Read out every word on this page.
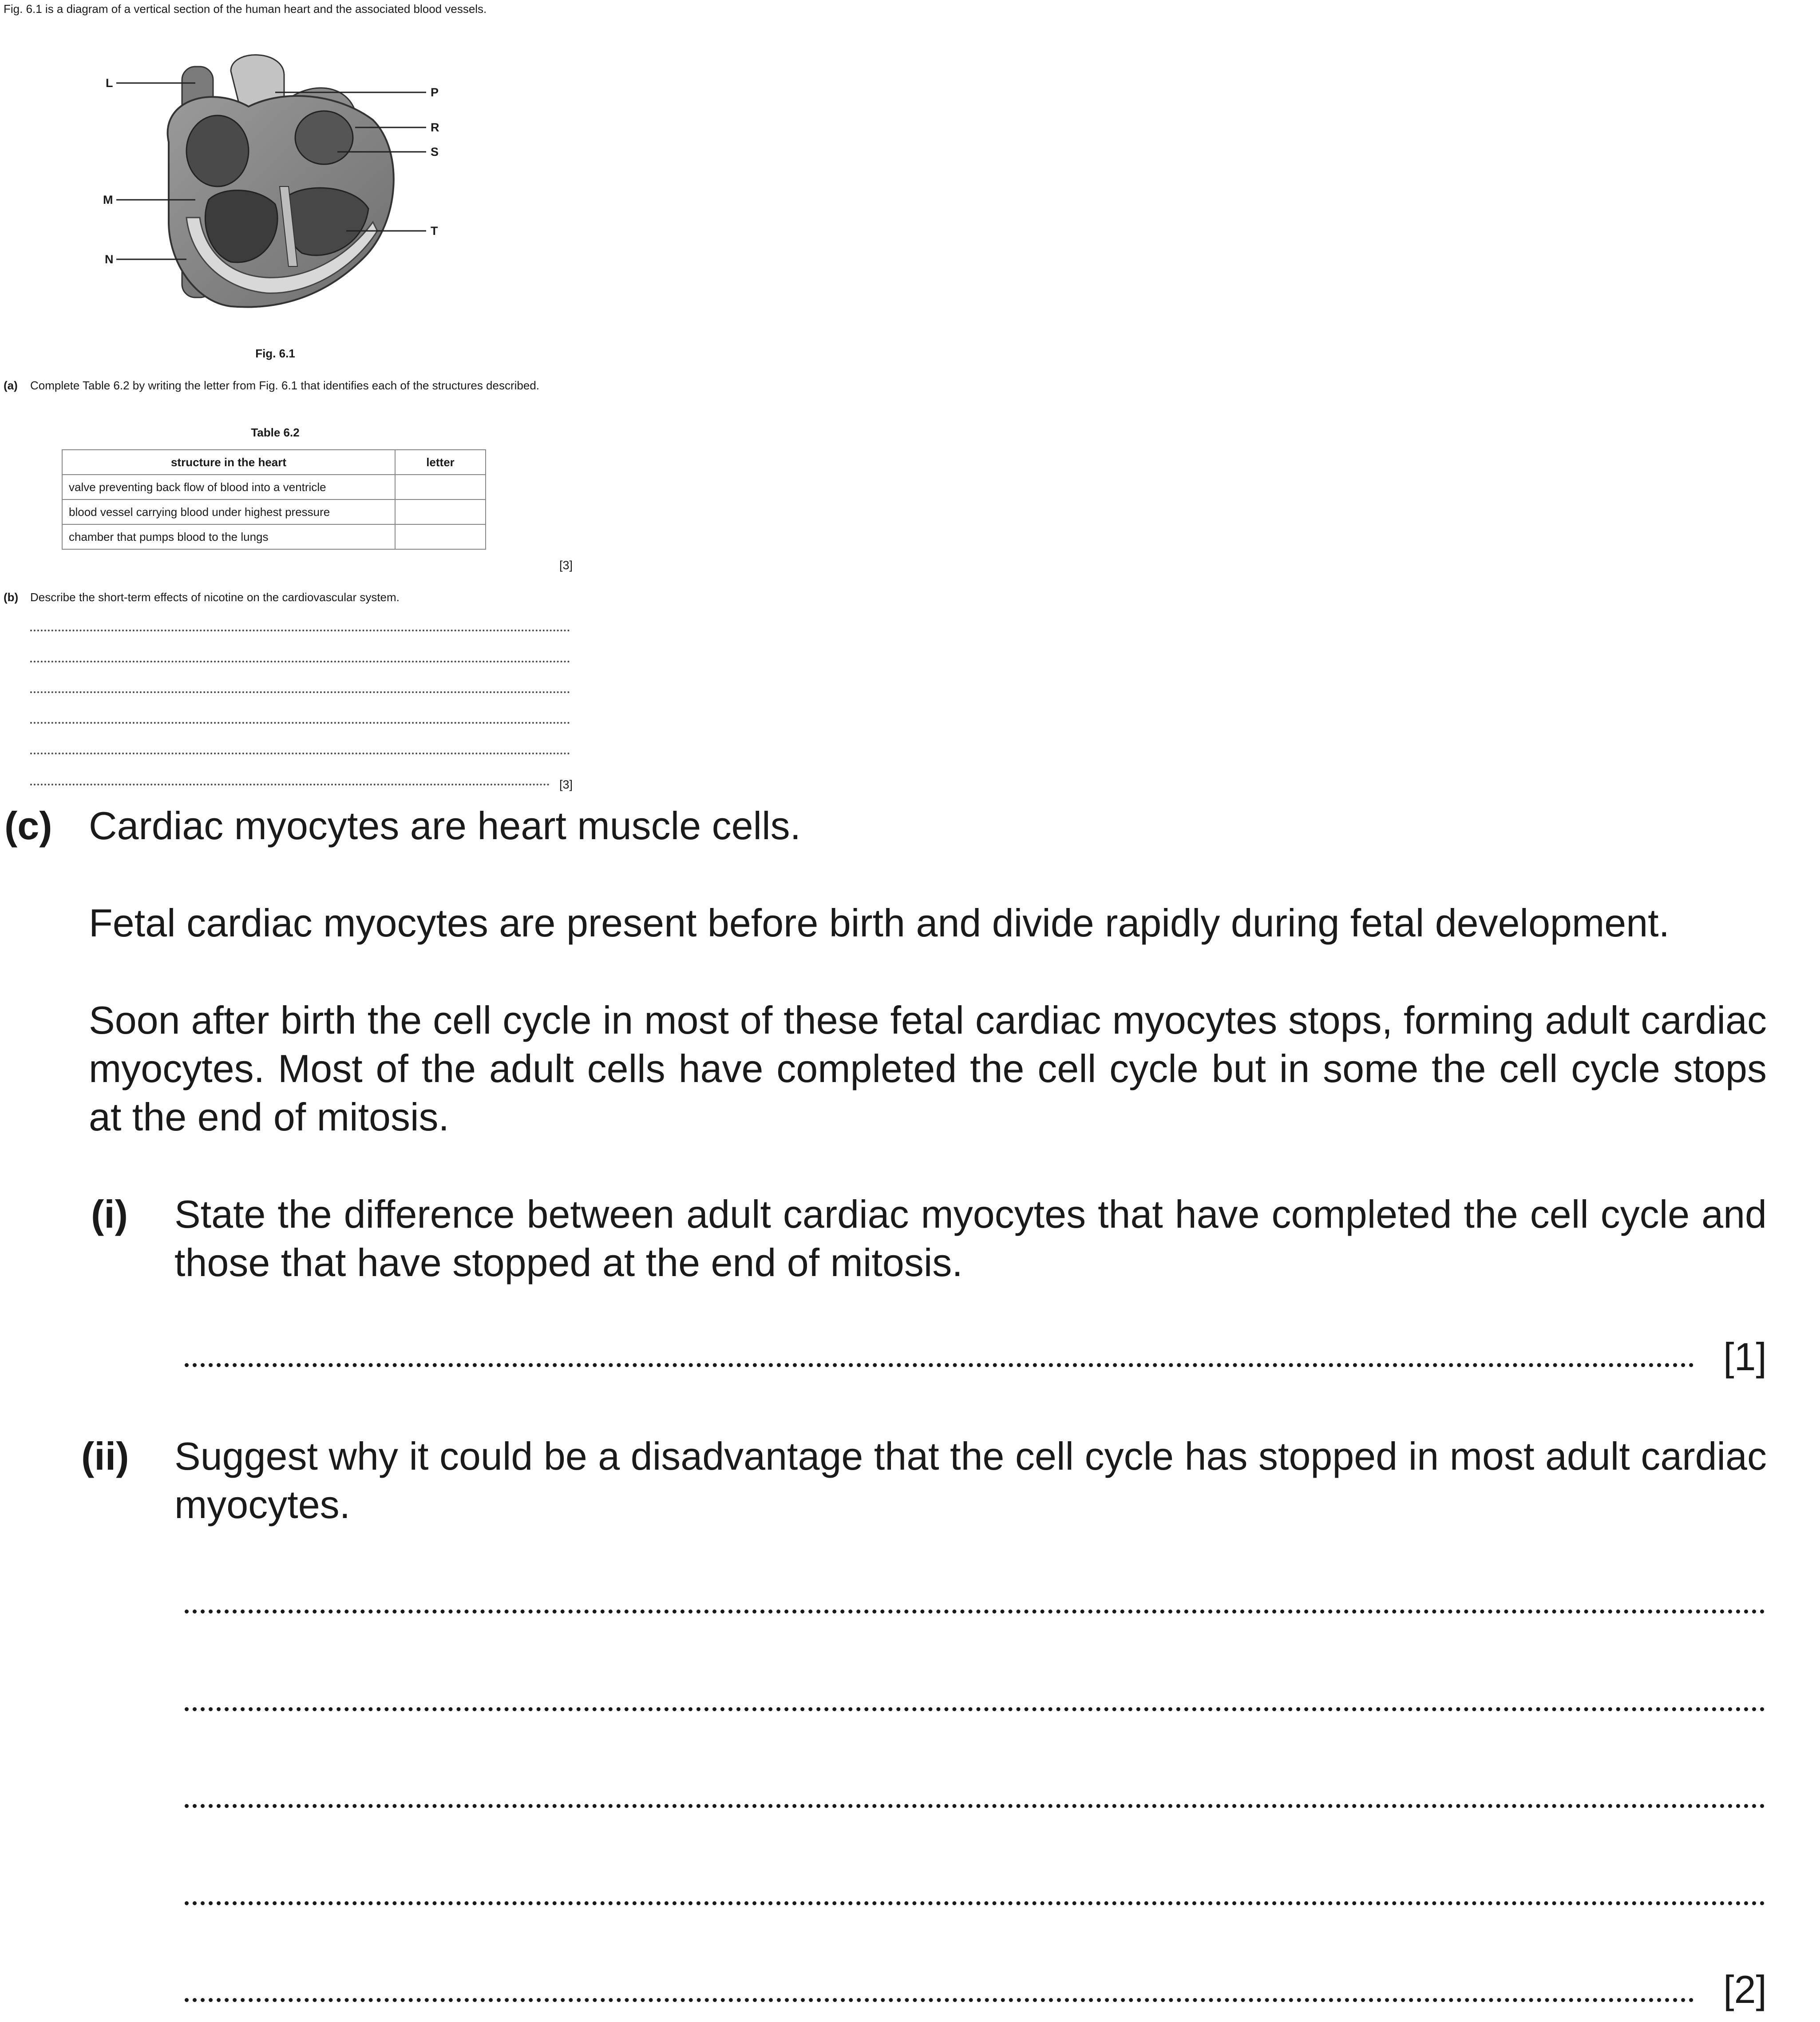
Fig. 6.1 is a diagram of a vertical section of the human heart and the associated blood vessels.
L
M
N
P
R
S
T
Fig. 6.1
(a) Complete Table 6.2 by writing the letter from Fig. 6.1 that identifies each of the structures described.
Table 6.2
structure in the heart	letter
valve preventing back flow of blood into a ventricle	
blood vessel carrying blood under highest pressure	
chamber that pumps blood to the lungs	
[3]
(b) Describe the short-term effects of nicotine on the cardiovascular system.
[3]
(c) Cardiac myocytes are heart muscle cells.
Fetal cardiac myocytes are present before birth and divide rapidly during fetal development.
Soon after birth the cell cycle in most of these fetal cardiac myocytes stops, forming adult cardiac myocytes. Most of the adult cells have completed the cell cycle but in some the cell cycle stops at the end of mitosis.
(i) State the difference between adult cardiac myocytes that have completed the cell cycle and those that have stopped at the end of mitosis.
[1]
(ii) Suggest why it could be a disadvantage that the cell cycle has stopped in most adult cardiac myocytes.
[2]
